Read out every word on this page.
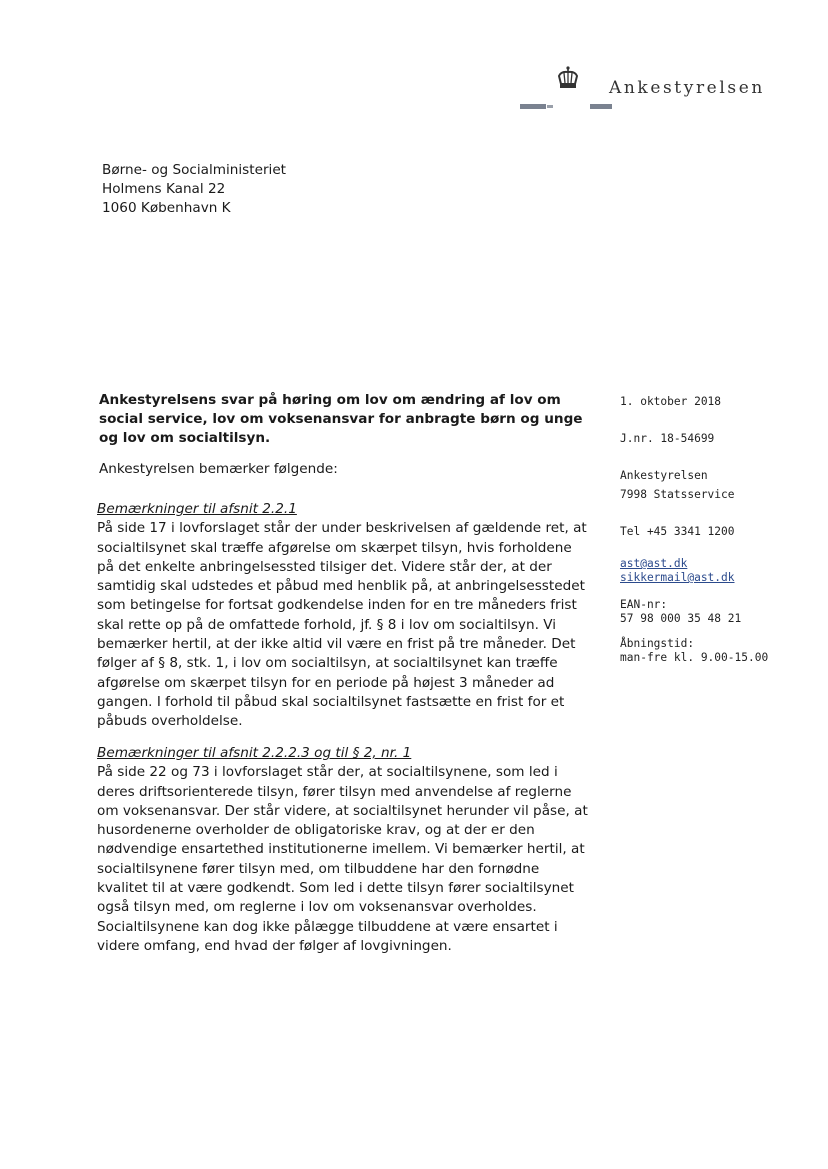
Ankestyrelsen
Børne- og Socialministeriet
Holmens Kanal 22
1060 København K
Ankestyrelsens svar på høring om lov om ændring af lov om social service, lov om voksenansvar for anbragte børn og unge og lov om socialtilsyn.
Ankestyrelsen bemærker følgende:
Bemærkninger til afsnit 2.2.1

På side 17 i lovforslaget står der under beskrivelsen af gældende ret, at socialtilsynet skal træffe afgørelse om skærpet tilsyn, hvis forholdene på det enkelte anbringelsessted tilsiger det. Videre står der, at der samtidig skal udstedes et påbud med henblik på, at anbringelsesstedet som betingelse for fortsat godkendelse inden for en tre måneders frist skal rette op på de omfattede forhold, jf. § 8 i lov om socialtilsyn. Vi bemærker hertil, at der ikke altid vil være en frist på tre måneder. Det følger af § 8, stk. 1, i lov om socialtilsyn, at socialtilsynet kan træffe afgørelse om skærpet tilsyn for en periode på højest 3 måneder ad gangen. I forhold til påbud skal socialtilsynet fastsætte en frist for et påbuds overholdelse.

Bemærkninger til afsnit 2.2.2.3 og til § 2, nr. 1

På side 22 og 73 i lovforslaget står der, at socialtilsynene, som led i deres driftsorienterede tilsyn, fører tilsyn med anvendelse af reglerne om voksenansvar. Der står videre, at socialtilsynet herunder vil påse, at husordenerne overholder de obligatoriske krav, og at der er den nødvendige ensartethed institutionerne imellem. Vi bemærker hertil, at socialtilsynene fører tilsyn med, om tilbuddene har den fornødne kvalitet til at være godkendt. Som led i dette tilsyn fører socialtilsynet også tilsyn med, om reglerne i lov om voksenansvar overholdes. Socialtilsynene kan dog ikke pålægge tilbuddene at være ensartet i videre omfang, end hvad der følger af lovgivningen.

1. oktober 2018
J.nr. 18-54699
Ankestyrelsen
7998 Statsservice
Tel +45 3341 1200
ast@ast.dk
sikkermail@ast.dk
EAN-nr:
57 98 000 35 48 21
Åbningstid:
man-fre kl. 9.00-15.00
